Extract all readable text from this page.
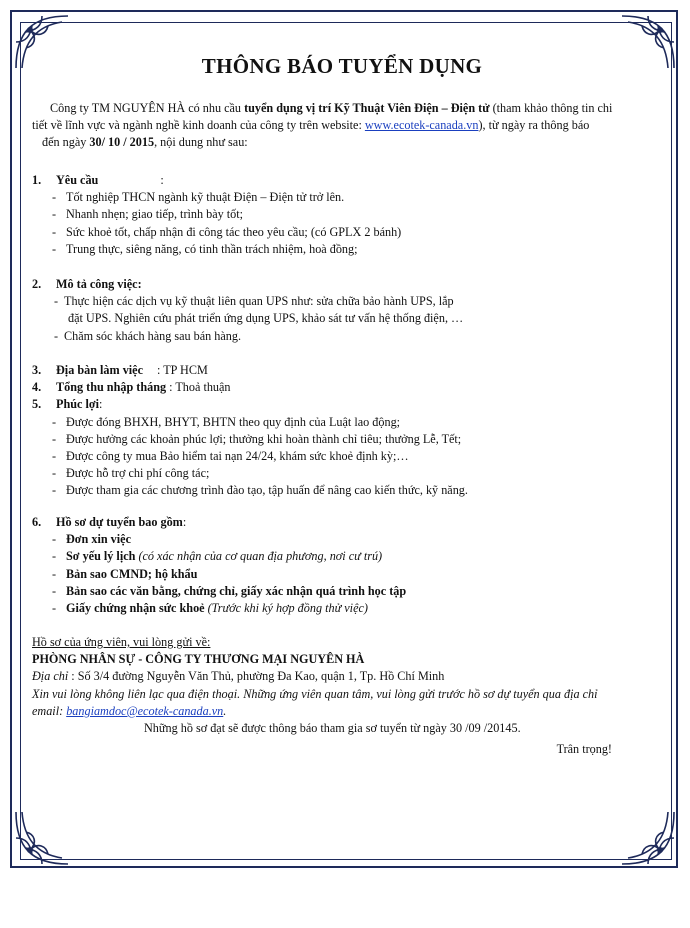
THÔNG BÁO TUYỂN DỤNG

Công ty TM NGUYÊN HÀ có nhu cầu tuyển dụng vị trí Kỹ Thuật Viên Điện – Điện tử (tham khảo thông tin chi

tiết về lĩnh vực và ngành nghề kinh doanh của công ty trên website: www.ecotek-canada.vn), từ ngày ra thông báo

đến ngày 30/ 10 / 2015, nội dung như sau:

1. Yêu cầu	:
- Tốt nghiệp THCN ngành kỹ thuật Điện – Điện tử trở lên.
- Nhanh nhẹn; giao tiếp, trình bày tốt;
- Sức khoẻ tốt, chấp nhận đi công tác theo yêu cầu; (có GPLX 2 bánh)
- Trung thực, siêng năng, có tinh thần trách nhiệm, hoà đồng;
2. Mô tả công việc:
- Thực hiện các dịch vụ kỹ thuật liên quan UPS như: sửa chữa bảo hành UPS, lắp
đặt UPS. Nghiên cứu phát triển ứng dụng UPS, khảo sát tư vấn hệ thống điện, …
- Chăm sóc khách hàng sau bán hàng.
3. Địa bàn làm việc : TP HCM
4. Tổng thu nhập tháng : Thoả thuận
5. Phúc lợi:
- Được đóng BHXH, BHYT, BHTN theo quy định của Luật lao động;
- Được hưởng các khoản phúc lợi; thưởng khi hoàn thành chỉ tiêu; thưởng Lễ, Tết;
- Được công ty mua Bảo hiểm tai nạn 24/24, khám sức khoẻ định kỳ;…
- Được hỗ trợ chi phí công tác;
- Được tham gia các chương trình đào tạo, tập huấn để nâng cao kiến thức, kỹ năng.
6. Hồ sơ dự tuyển bao gồm:
- Đơn xin việc
- Sơ yếu lý lịch (có xác nhận của cơ quan địa phương, nơi cư trú)
- Bản sao CMND; hộ khẩu
- Bản sao các văn bằng, chứng chỉ, giấy xác nhận quá trình học tập
- Giấy chứng nhận sức khoẻ (Trước khi ký hợp đồng thử việc)
Hồ sơ của ứng viên, vui lòng gửi về:
PHÒNG NHÂN SỰ - CÔNG TY THƯƠNG MẠI NGUYÊN HÀ
Địa chỉ : Số 3/4 đường Nguyễn Văn Thủ, phường Đa Kao, quận 1, Tp. Hồ Chí Minh
Xin vui lòng không liên lạc qua điện thoại. Những ứng viên quan tâm, vui lòng gửi trước hồ sơ dự tuyển qua địa chỉ
email: bangiamdoc@ecotek-canada.vn.
Những hồ sơ đạt sẽ được thông báo tham gia sơ tuyển từ ngày 30 /09 /20145.
Trân trọng!
